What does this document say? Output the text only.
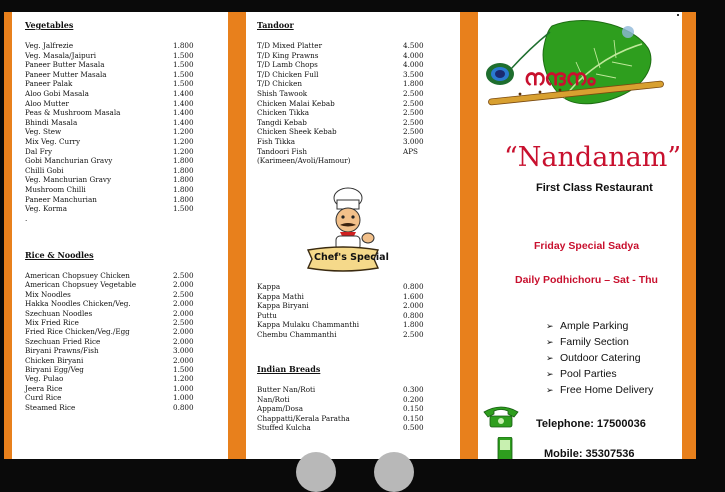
Vegetables
Veg. Jalfrezie	1.800
Veg. Masala/Jaipuri	1.500
Paneer Butter Masala	1.500
Paneer Mutter Masala	1.500
Paneer Palak	1.500
Aloo Gobi Masala	1.400
Aloo Mutter	1.400
Peas & Mushroom Masala	1.400
Bhindi Masala	1.400
Veg. Stew	1.200
Mix Veg. Curry	1.200
Dal Fry	1.200
Gobi Manchurian Gravy	1.800
Chilli Gobi	1.800
Veg. Manchurian Gravy	1.800
Mushroom Chilli	1.800
Paneer Manchurian	1.800
Veg. Korma	1.500
.
Rice & Noodles
American Chopsuey Chicken	2.500
American Chopsuey Vegetable	2.000
Mix Noodles	2.500
Hakka Noodles Chicken/Veg.	2.000
Szechuan Noodles	2.000
Mix Fried Rice	2.500
Fried Rice Chicken/Veg./Egg	2.000
Szechuan Fried Rice	2.000
Biryani Prawns/Fish	3.000
Chicken Biryani	2.000
Biryani Egg/Veg	1.500
Veg. Pulao	1.200
Jeera Rice	1.000
Curd Rice	1.000
Steamed Rice	0.800
Tandoor
T/D Mixed Platter	4.500
T/D King Prawns	4.000
T/D Lamb Chops	4.000
T/D Chicken Full	3.500
T/D Chicken	1.800
Shish Tawook	2.500
Chicken Malai Kebab	2.500
Chicken Tikka	2.500
Tangdi Kebab	2.500
Chicken Sheek Kebab	2.500
Fish Tikka	3.000
Tandoori Fish	APS
(Karimeen/Avoli/Hamour)
Chef's Special
Kappa	0.800
Kappa Mathi	1.600
Kappa Biryani	2.000
Puttu	0.800
Kappa Mulaku Chammanthi	1.800
Chembu Chammanthi	2.500
Indian Breads
Butter Nan/Roti	0.300
Nan/Roti	0.200
Appam/Dosa	0.150
Chappatti/Kerala Paratha	0.150
Stuffed Kulcha	0.500
നന്ദനം
“Nandanam”
First Class Restaurant
Friday Special Sadya
Daily Podhichoru – Sat - Thu
➢ Ample Parking
➢ Family Section
➢ Outdoor Catering
➢ Pool Parties
➢ Free Home Delivery
Telephone: 17500036
Mobile: 35307536
